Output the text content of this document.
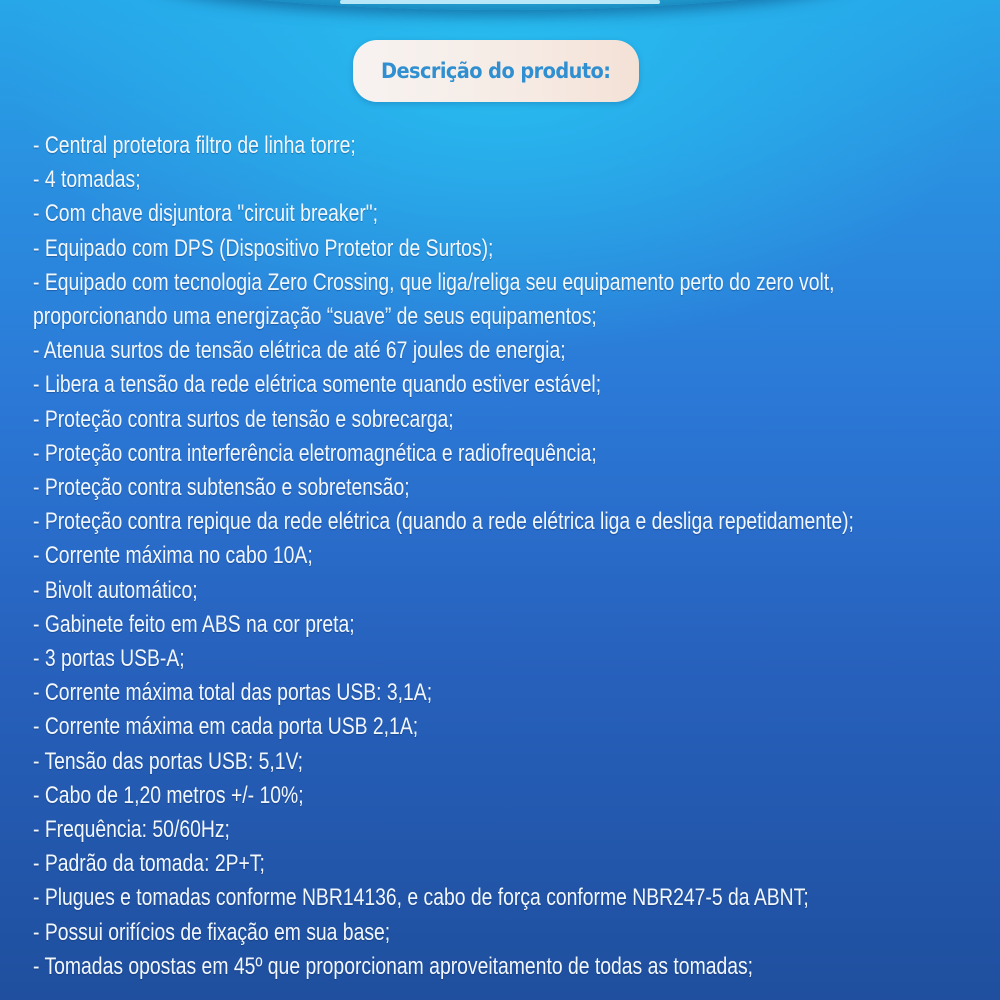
Descrição do produto:
- Central protetora filtro de linha torre;
- 4 tomadas;
- Com chave disjuntora "circuit breaker";
- Equipado com DPS (Dispositivo Protetor de Surtos);
- Equipado com tecnologia Zero Crossing, que liga/religa seu equipamento perto do zero volt,
proporcionando uma energização “suave” de seus equipamentos;
- Atenua surtos de tensão elétrica de até 67 joules de energia;
- Libera a tensão da rede elétrica somente quando estiver estável;
- Proteção contra surtos de tensão e sobrecarga;
- Proteção contra interferência eletromagnética e radiofrequência;
- Proteção contra subtensão e sobretensão;
- Proteção contra repique da rede elétrica (quando a rede elétrica liga e desliga repetidamente);
- Corrente máxima no cabo 10A;
- Bivolt automático;
- Gabinete feito em ABS na cor preta;
- 3 portas USB-A;
- Corrente máxima total das portas USB: 3,1A;
- Corrente máxima em cada porta USB 2,1A;
- Tensão das portas USB: 5,1V;
- Cabo de 1,20 metros +/- 10%;
- Frequência: 50/60Hz;
- Padrão da tomada: 2P+T;
- Plugues e tomadas conforme NBR14136, e cabo de força conforme NBR247-5 da ABNT;
- Possui orifícios de fixação em sua base;
- Tomadas opostas em 45º que proporcionam aproveitamento de todas as tomadas;
